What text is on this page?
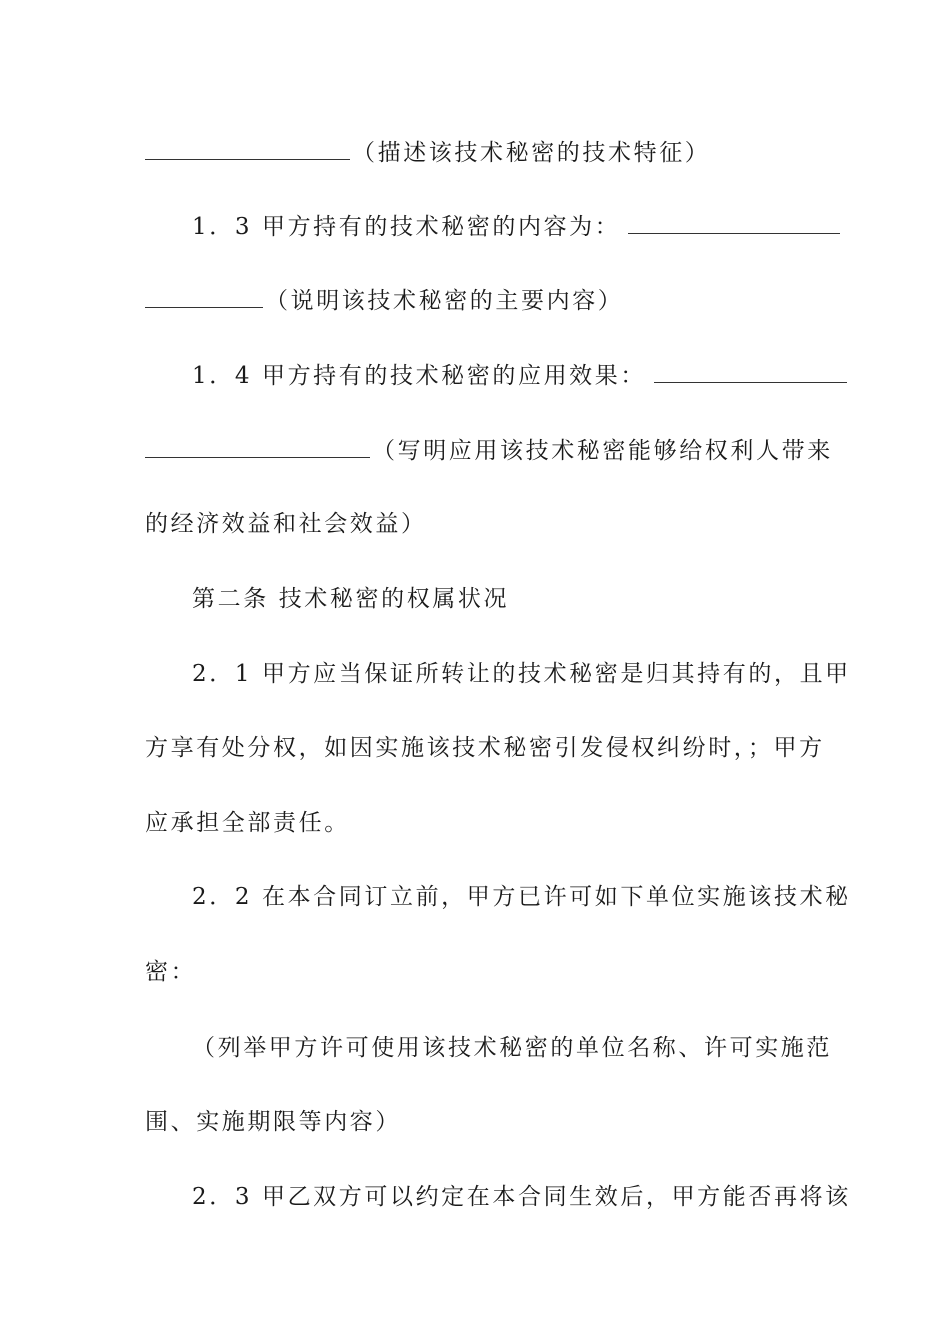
（描述该技术秘密的技术特征）
1．3 甲方持有的技术秘密的内容为：
（说明该技术秘密的主要内容）
1．4 甲方持有的技术秘密的应用效果：
（写明应用该技术秘密能够给权利人带来
的经济效益和社会效益）
第二条 技术秘密的权属状况
2．1 甲方应当保证所转让的技术秘密是归其持有的，且甲
方享有处分权，如因实施该技术秘密引发侵权纠纷时，；甲方
应承担全部责任。
2．2 在本合同订立前，甲方已许可如下单位实施该技术秘
密：
（列举甲方许可使用该技术秘密的单位名称、许可实施范
围、实施期限等内容）
2．3 甲乙双方可以约定在本合同生效后，甲方能否再将该
